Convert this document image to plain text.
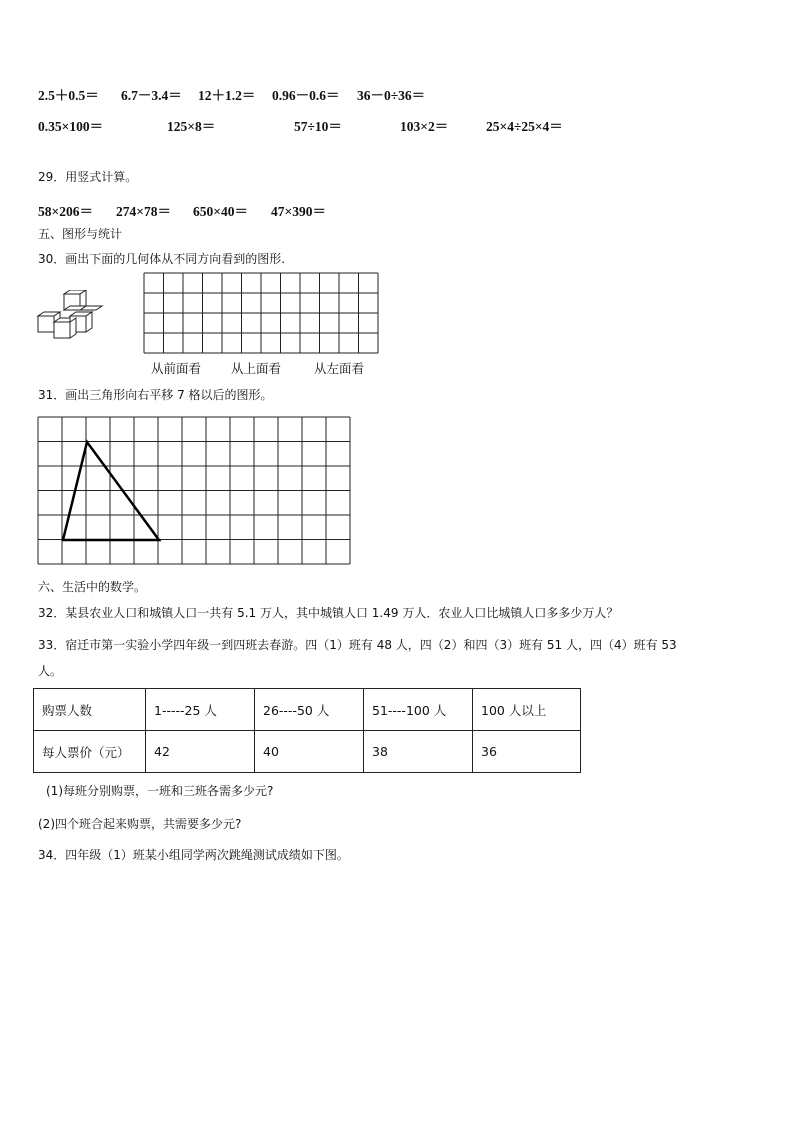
2.5＋0.5＝ 6.7－3.4＝ 12＋1.2＝ 0.96－0.6＝ 36－0÷36＝
0.35×100＝	125×8＝	57÷10＝	103×2＝	25×4÷25×4＝
29．用竖式计算。
58×206＝ 274×78＝ 650×40＝ 47×390＝
五、图形与统计
30．画出下面的几何体从不同方向看到的图形.
从前面看 从上面看	从左面看
31．画出三角形向右平移 7 格以后的图形。
六、生活中的数学。
32．某县农业人口和城镇人口一共有 5.1 万人，其中城镇人口 1.49 万人．农业人口比城镇人口多多少万人？
33．宿迁市第一实验小学四年级一到四班去春游。四（1）班有 48 人，四（2）和四（3）班有 51 人，四（4）班有 53
人。
购票人数	1-----25 人	26----50 人	51----100 人	100 人以上
每人票价（元）	42	40	38	36
(1)每班分别购票，一班和三班各需多少元?
(2)四个班合起来购票，共需要多少元?
34．四年级（1）班某小组同学两次跳绳测试成绩如下图。
